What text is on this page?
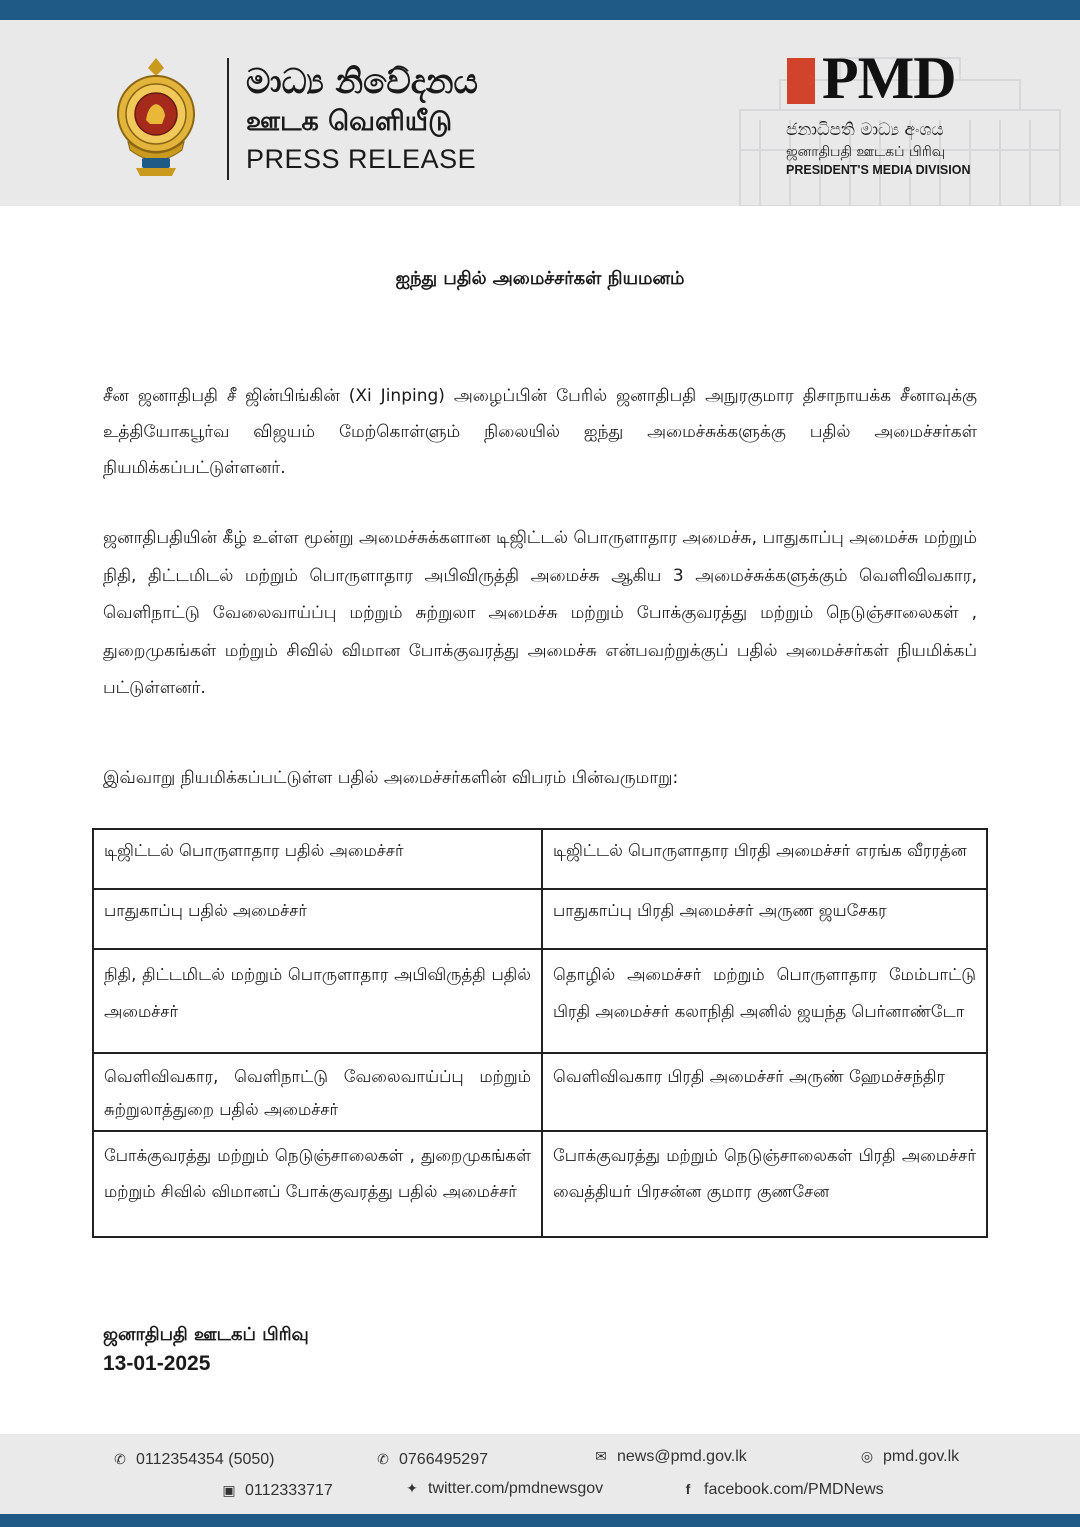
මාධ්‍ය නිවේදනය
ஊடக வெளியீடு
PRESS RELEASE
PMD
ජනාධිපති මාධ්‍ය අංශය
ஜனாதிபதி ஊடகப் பிரிவு
PRESIDENT'S MEDIA DIVISION
ஐந்து பதில் அமைச்சர்கள் நியமனம்
சீன ஜனாதிபதி சீ ஜின்பிங்கின் (Xi Jinping) அழைப்பின் பேரில் ஜனாதிபதி அநுரகுமார திசாநாயக்க சீனாவுக்கு உத்தியோகபூர்வ விஜயம் மேற்கொள்ளும் நிலையில் ஐந்து அமைச்சுக்களுக்கு பதில் அமைச்சர்கள் நியமிக்கப்பட்டுள்ளனர்.
ஜனாதிபதியின் கீழ் உள்ள மூன்று அமைச்சுக்களான டிஜிட்டல் பொருளாதார அமைச்சு, பாதுகாப்பு அமைச்சு மற்றும் நிதி, திட்டமிடல் மற்றும் பொருளாதார அபிவிருத்தி அமைச்சு ஆகிய 3 அமைச்சுக்களுக்கும் வெளிவிவகார, வெளிநாட்டு வேலைவாய்ப்பு மற்றும் சுற்றுலா அமைச்சு மற்றும் போக்குவரத்து மற்றும் நெடுஞ்சாலைகள் , துறைமுகங்கள் மற்றும் சிவில் விமான போக்குவரத்து அமைச்சு என்பவற்றுக்குப் பதில் அமைச்சர்கள் நியமிக்கப் பட்டுள்ளனர்.
இவ்வாறு நியமிக்கப்பட்டுள்ள பதில் அமைச்சர்களின் விபரம் பின்வருமாறு:
டிஜிட்டல் பொருளாதார பதில் அமைச்சர்	டிஜிட்டல் பொருளாதார பிரதி அமைச்சர் எரங்க வீரரத்ன
பாதுகாப்பு பதில் அமைச்சர்	பாதுகாப்பு பிரதி அமைச்சர் அருண ஜயசேகர
நிதி, திட்டமிடல் மற்றும் பொருளாதார அபிவிருத்தி பதில் அமைச்சர்	தொழில் அமைச்சர் மற்றும் பொருளாதார மேம்பாட்டு பிரதி அமைச்சர் கலாநிதி அனில் ஜயந்த பெர்னாண்டோ
வெளிவிவகார, வெளிநாட்டு வேலைவாய்ப்பு மற்றும் சுற்றுலாத்துறை பதில் அமைச்சர்	வெளிவிவகார பிரதி அமைச்சர் அருண் ஹேமச்சந்திர
போக்குவரத்து மற்றும் நெடுஞ்சாலைகள் , துறைமுகங்கள் மற்றும் சிவில் விமானப் போக்குவரத்து பதில் அமைச்சர்	போக்குவரத்து மற்றும் நெடுஞ்சாலைகள் பிரதி அமைச்சர் வைத்தியர் பிரசன்ன குமார குணசேன
ஜனாதிபதி ஊடகப் பிரிவு
13-01-2025
✆ 0112354354 (5050)	✆ 0766495297	✉ news@pmd.gov.lk	◎ pmd.gov.lk
▣ 0112333717	✦ twitter.com/pmdnewsgov	f facebook.com/PMDNews
